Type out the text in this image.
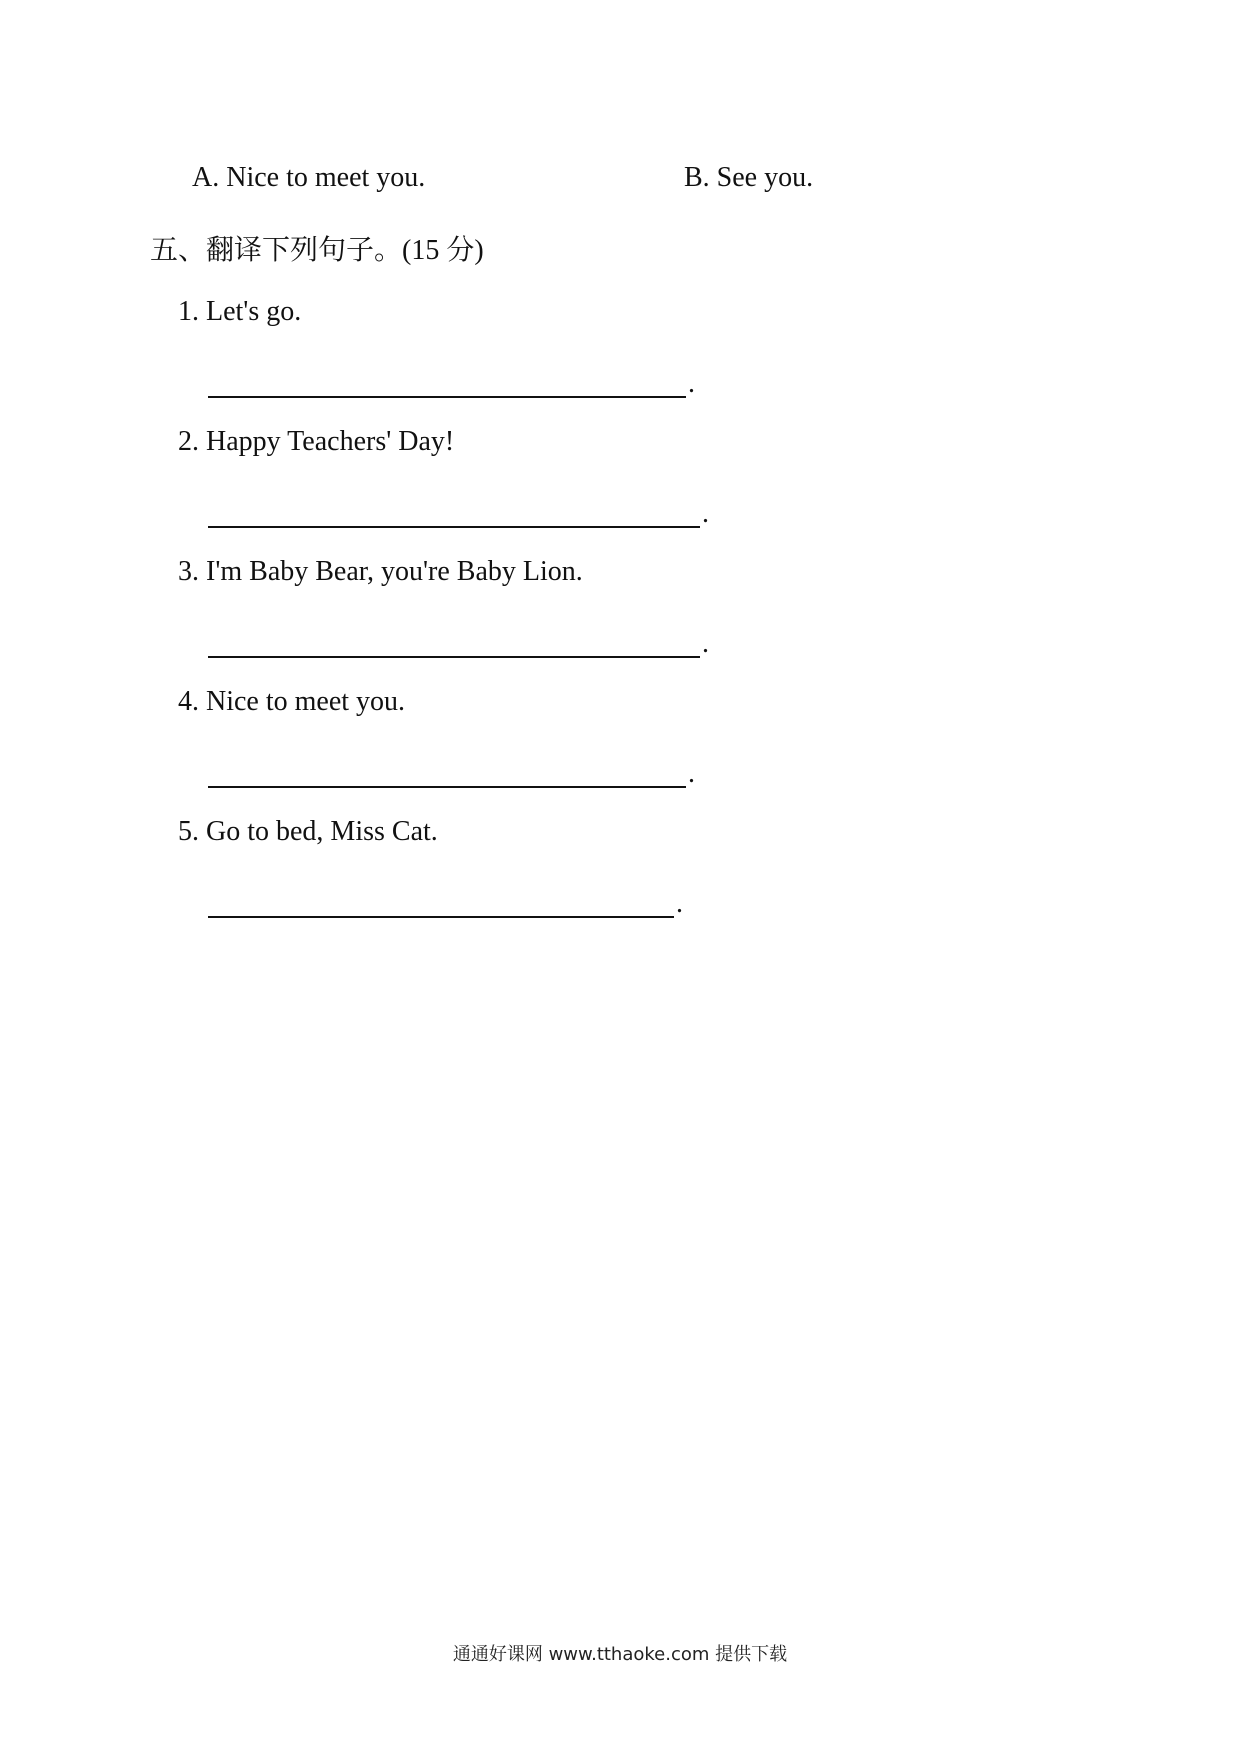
A. Nice to meet you.	B. See you.
五、翻译下列句子。(15 分)
1. Let's go.
.
2. Happy Teachers' Day!
.
3. I'm Baby Bear, you're Baby Lion.
.
4. Nice to meet you.
.
5. Go to bed, Miss Cat.
.
通通好课网 www.tthaoke.com 提供下载
